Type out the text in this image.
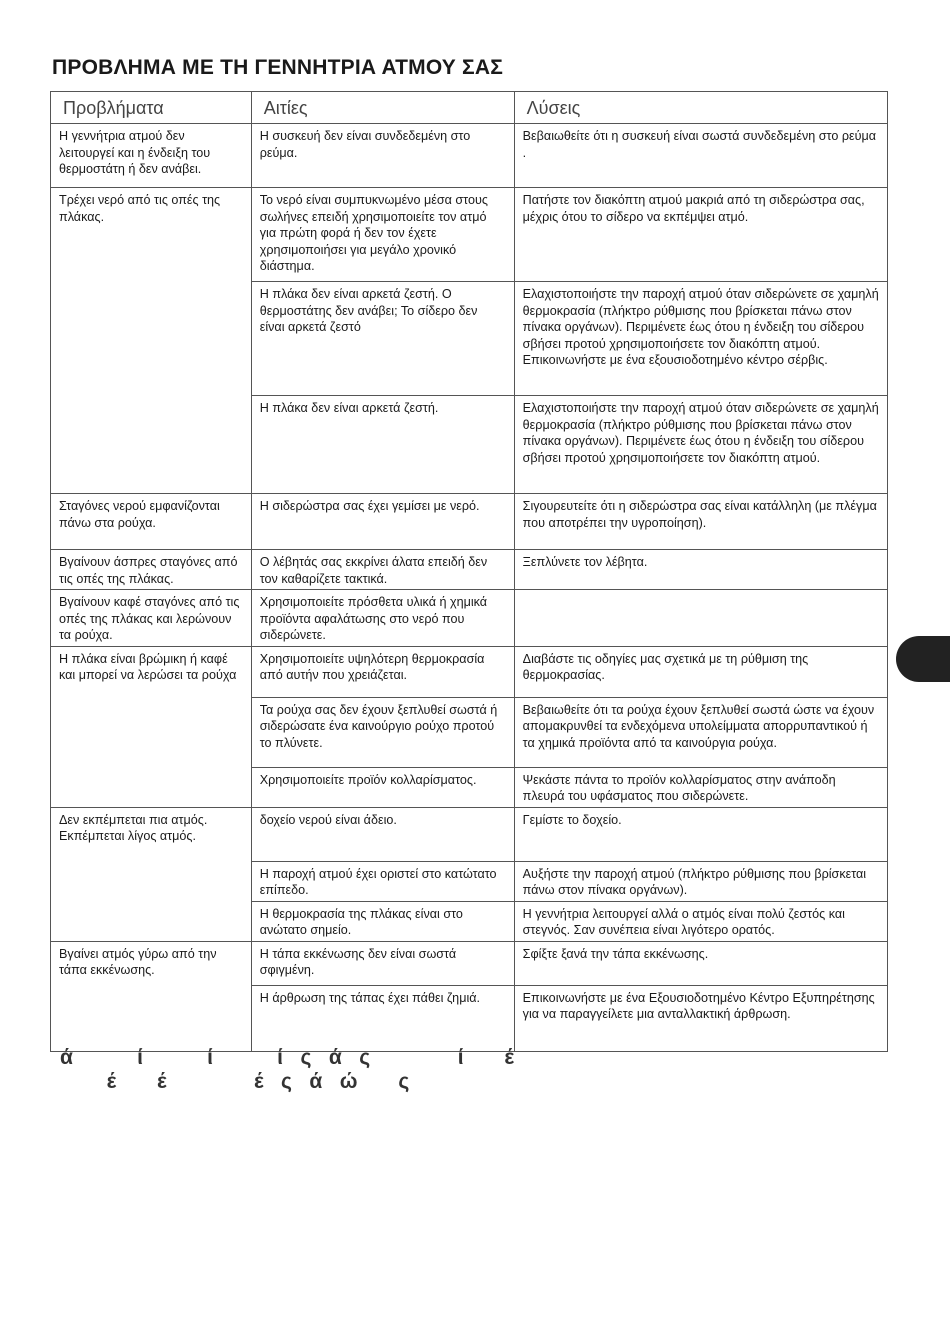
ΠΡΟΒΛΗΜΑ ΜΕ ΤΗ ΓΕΝΝΗΤΡΙΑ ΑΤΜΟΥ ΣΑΣ
Προβλήματα	Αιτίες	Λύσεις
Η γεννήτρια ατμού δεν λειτουργεί και η ένδειξη του θερμοστάτη ή δεν ανάβει.	Η συσκευή δεν είναι συνδεδεμένη στο ρεύμα.	Βεβαιωθείτε ότι η συσκευή είναι σωστά συνδεδεμένη στο ρεύμα .
Τρέχει νερό από τις οπές της πλάκας.	Το νερό είναι συμπυκνωμένο μέσα στους σωλήνες επειδή χρησιμοποιείτε τον ατμό για πρώτη φορά ή δεν τον έχετε χρησιμοποιήσει για μεγάλο χρονικό διάστημα.	Πατήστε τον διακόπτη ατμού μακριά από τη σιδερώστρα σας, μέχρις ότου το σίδερο να εκπέμψει ατμό.
	Η πλάκα δεν είναι αρκετά ζεστή. Ο θερμοστάτης δεν ανάβει; Το σίδερο δεν είναι αρκετά ζεστό	Ελαχιστοποιήστε την παροχή ατμού όταν σιδερώνετε σε χαμηλή θερμοκρασία (πλήκτρο ρύθμισης που βρίσκεται πάνω στον πίνακα οργάνων). Περιμένετε έως ότου η ένδειξη του σίδερου σβήσει προτού χρησιμοποιήσετε τον διακόπτη ατμού. Επικοινωνήστε με ένα εξουσιοδοτημένο κέντρο σέρβις.
	Η πλάκα δεν είναι αρκετά ζεστή.	Ελαχιστοποιήστε την παροχή ατμού όταν σιδερώνετε σε χαμηλή θερμοκρασία (πλήκτρο ρύθμισης που βρίσκεται πάνω στον πίνακα οργάνων). Περιμένετε έως ότου η ένδειξη του σίδερου σβήσει προτού χρησιμοποιήσετε τον διακόπτη ατμού.
Σταγόνες νερού εμφανίζονται πάνω στα ρούχα.	Η σιδερώστρα σας έχει γεμίσει με νερό.	Σιγουρευτείτε ότι η σιδερώστρα σας είναι κατάλληλη (με πλέγμα που αποτρέπει την υγροποίηση).
Βγαίνουν άσπρες σταγόνες από τις οπές της πλάκας.	Ο λέβητάς σας εκκρίνει άλατα επειδή δεν τον καθαρίζετε τακτικά.	Ξεπλύνετε τον λέβητα.
Βγαίνουν καφέ σταγόνες από τις οπές της πλάκας και λερώνουν τα ρούχα.	Χρησιμοποιείτε πρόσθετα υλικά ή χημικά προϊόντα αφαλάτωσης στο νερό που σιδερώνετε.	
Η πλάκα είναι βρώμικη ή καφέ και μπορεί να λερώσει τα ρούχα	Χρησιμοποιείτε υψηλότερη θερμοκρασία από αυτήν που χρειάζεται.	Διαβάστε τις οδηγίες μας σχετικά με τη ρύθμιση της θερμοκρασίας.
	Τα ρούχα σας δεν έχουν ξεπλυθεί σωστά ή σιδερώσατε ένα καινούργιο ρούχο προτού το πλύνετε.	Βεβαιωθείτε ότι τα ρούχα έχουν ξεπλυθεί σωστά ώστε να έχουν απομακρυνθεί τα ενδεχόμενα υπολείμματα απορρυπαντικού ή τα χημικά προϊόντα από τα καινούργια ρούχα.
	Χρησιμοποιείτε προϊόν κολλαρίσματος.	Ψεκάστε πάντα το προϊόν κολλαρίσματος στην ανάποδη πλευρά του υφάσματος που σιδερώνετε.
Δεν εκπέμπεται πια ατμός. Εκπέμπεται λίγος ατμός.	δοχείο νερού είναι άδειο.	Γεμίστε το δοχείο.
	Η παροχή ατμού έχει οριστεί στο κατώτατο επίπεδο.	Αυξήστε την παροχή ατμού (πλήκτρο ρύθμισης που βρίσκεται πάνω στον πίνακα οργάνων).
	Η θερμοκρασία της πλάκας είναι στο ανώτατο σημείο.	Η γεννήτρια λειτουργεί αλλά ο ατμός είναι πολύ ζεστός και στεγνός. Σαν συνέπεια είναι λιγότερο ορατός.
Βγαίνει ατμός γύρω από την τάπα εκκένωσης.	Η τάπα εκκένωσης δεν είναι σωστά σφιγμένη.	Σφίξτε ξανά την τάπα εκκένωσης.
	Η άρθρωση της τάπας έχει πάθει ζημιά.	Επικοινωνήστε με ένα Εξουσιοδοτημένο Κέντρο Εξυπηρέτησης για να παραγγείλετε μια ανταλλακτική άρθρωση.
ά           ί           ί           ί   ς   ά   ς               ί       έ
έ       έ               έ   ς   ά   ώ       ς
